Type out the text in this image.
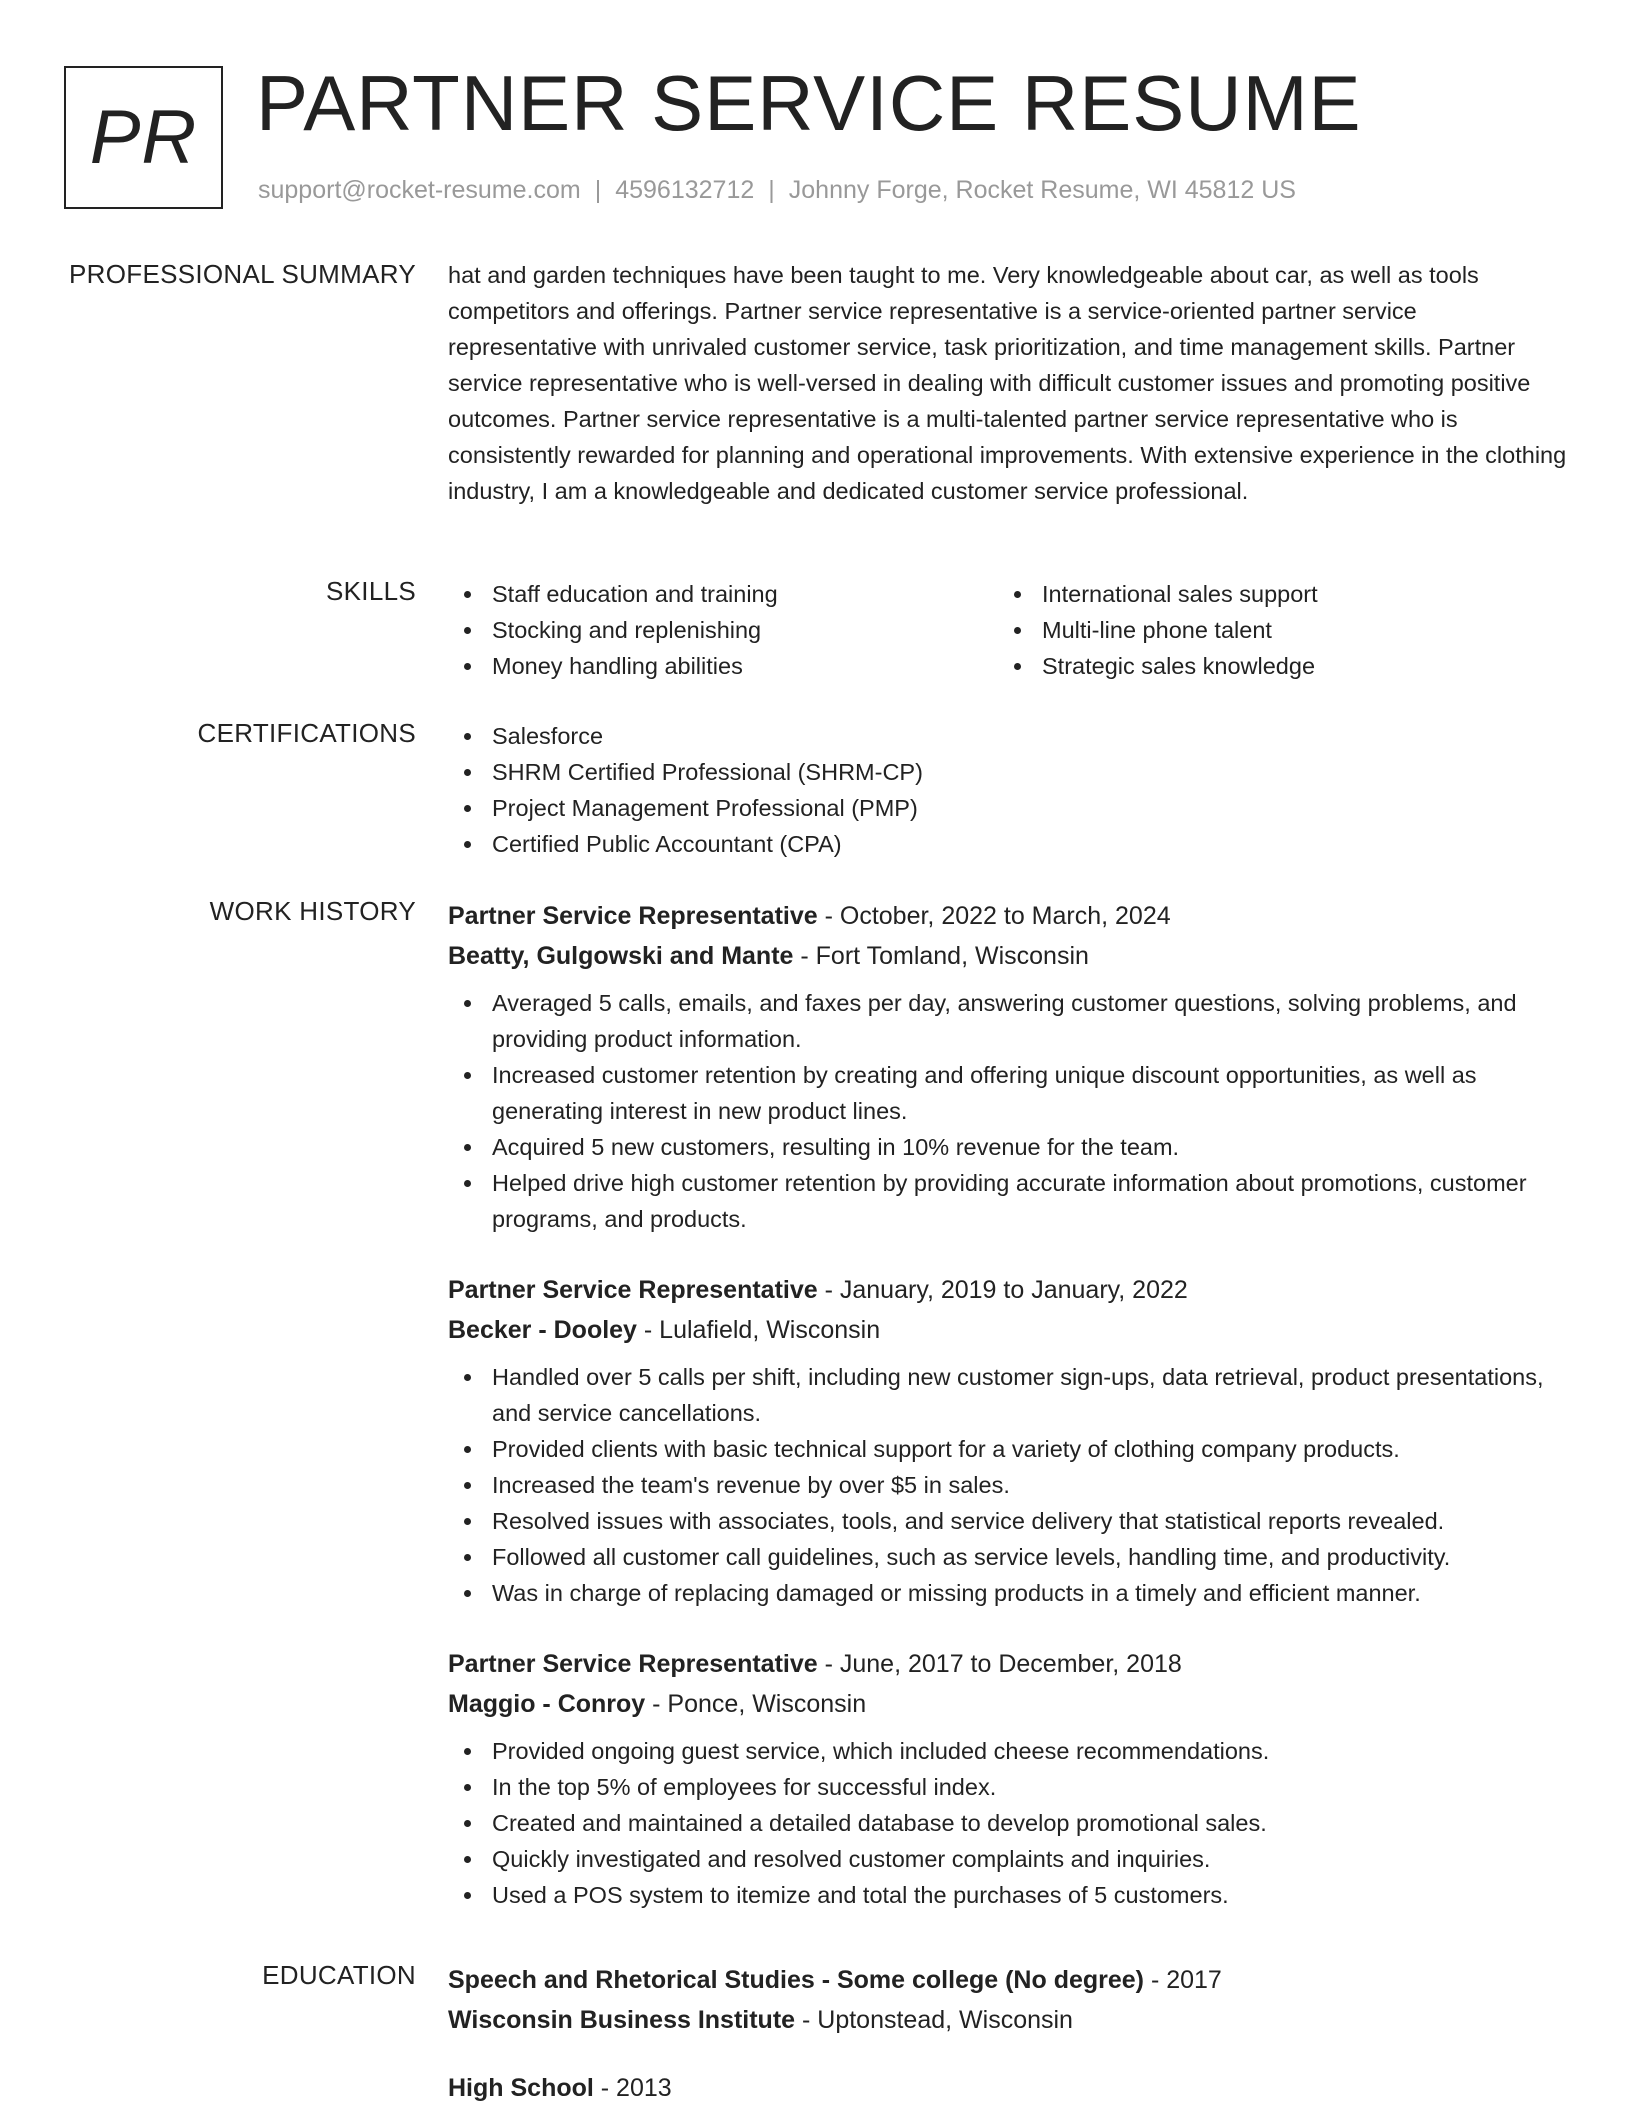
PR PARTNER SERVICE RESUME
support@rocket-resume.com | 4596132712 | Johnny Forge, Rocket Resume, WI 45812 US
PROFESSIONAL SUMMARY hat and garden techniques have been taught to me. Very knowledgeable about car, as well as tools competitors and offerings. Partner service representative is a service-oriented partner service representative with unrivaled customer service, task prioritization, and time management skills. Partner service representative who is well-versed in dealing with difficult customer issues and promoting positive outcomes. Partner service representative is a multi-talented partner service representative who is consistently rewarded for planning and operational improvements. With extensive experience in the clothing industry, I am a knowledgeable and dedicated customer service professional.

SKILLS	Staff education and training
Stocking and replenishing
Money handling abilities
International sales support
Multi-line phone talent
Strategic sales knowledge
CERTIFICATIONS	Salesforce
SHRM Certified Professional (SHRM-CP)
Project Management Professional (PMP)
Certified Public Accountant (CPA)
WORK HISTORY Partner Service Representative - October, 2022 to March, 2024
Beatty, Gulgowski and Mante - Fort Tomland, Wisconsin
Averaged 5 calls, emails, and faxes per day, answering customer questions, solving problems, and providing product information.
Increased customer retention by creating and offering unique discount opportunities, as well as generating interest in new product lines.
Acquired 5 new customers, resulting in 10% revenue for the team.
Helped drive high customer retention by providing accurate information about promotions, customer programs, and products.
Partner Service Representative - January, 2019 to January, 2022
Becker - Dooley - Lulafield, Wisconsin
Handled over 5 calls per shift, including new customer sign-ups, data retrieval, product presentations, and service cancellations.
Provided clients with basic technical support for a variety of clothing company products.
Increased the team's revenue by over $5 in sales.
Resolved issues with associates, tools, and service delivery that statistical reports revealed.
Followed all customer call guidelines, such as service levels, handling time, and productivity.
Was in charge of replacing damaged or missing products in a timely and efficient manner.
Partner Service Representative - June, 2017 to December, 2018
Maggio - Conroy - Ponce, Wisconsin
Provided ongoing guest service, which included cheese recommendations.
In the top 5% of employees for successful index.
Created and maintained a detailed database to develop promotional sales.
Quickly investigated and resolved customer complaints and inquiries.
Used a POS system to itemize and total the purchases of 5 customers.
EDUCATION Speech and Rhetorical Studies - Some college (No degree) - 2017
Wisconsin Business Institute - Uptonstead, Wisconsin
High School - 2013
